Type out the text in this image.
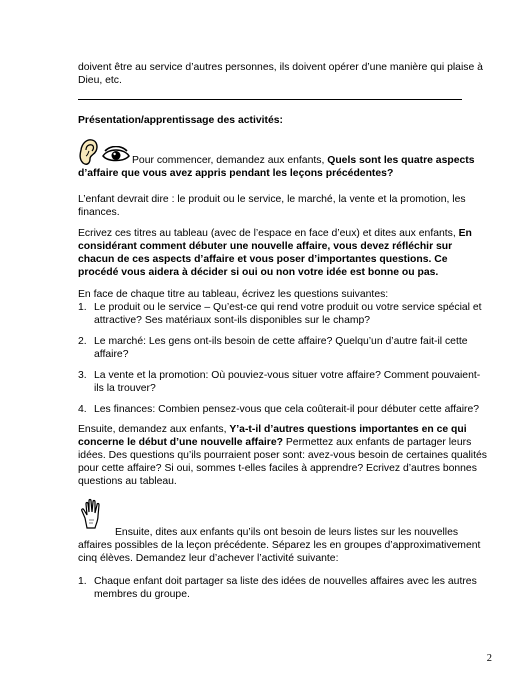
doivent être au service d’autres personnes, ils doivent opérer d’une manière qui plaise à Dieu, etc.

Présentation/apprentissage des activités:

Pour commencer, demandez aux enfants, Quels sont les quatre aspects d’affaire que vous avez appris pendant les leçons précédentes?

L’enfant devrait dire : le produit ou le service, le marché, la vente et la promotion, les finances.

Ecrivez ces titres au tableau (avec de l’espace en face d’eux) et dites aux enfants, En considérant comment débuter une nouvelle affaire, vous devez réfléchir sur chacun de ces aspects d’affaire et vous poser d’importantes questions. Ce procédé vous aidera à décider si oui ou non votre idée est bonne ou pas.

En face de chaque titre au tableau, écrivez les questions suivantes:

1. Le produit ou le service – Qu’est-ce qui rend votre produit ou votre service spécial et attractive? Ses matériaux sont-ils disponibles sur le champ?
2. Le marché: Les gens ont-ils besoin de cette affaire? Quelqu’un d’autre fait-il cette affaire?
3. La vente et la promotion: Où pouviez-vous situer votre affaire? Comment pouvaient-ils la trouver?
4. Les finances: Combien pensez-vous que cela coûterait-il pour débuter cette affaire?

Ensuite, demandez aux enfants, Y’a-t-il d’autres questions importantes en ce qui concerne le début d’une nouvelle affaire? Permettez aux enfants de partager leurs idées. Des questions qu’ils pourraient poser sont: avez-vous besoin de certaines qualités pour cette affaire? Si oui, sommes t-elles faciles à apprendre? Ecrivez d’autres bonnes questions au tableau.

Ensuite, dites aux enfants qu’ils ont besoin de leurs listes sur les nouvelles affaires possibles de la leçon précédente. Séparez les en groupes d’approximativement cinq élèves. Demandez leur d’achever l’activité suivante:

1. Chaque enfant doit partager sa liste des idées de nouvelles affaires avec les autres membres du groupe.
2
